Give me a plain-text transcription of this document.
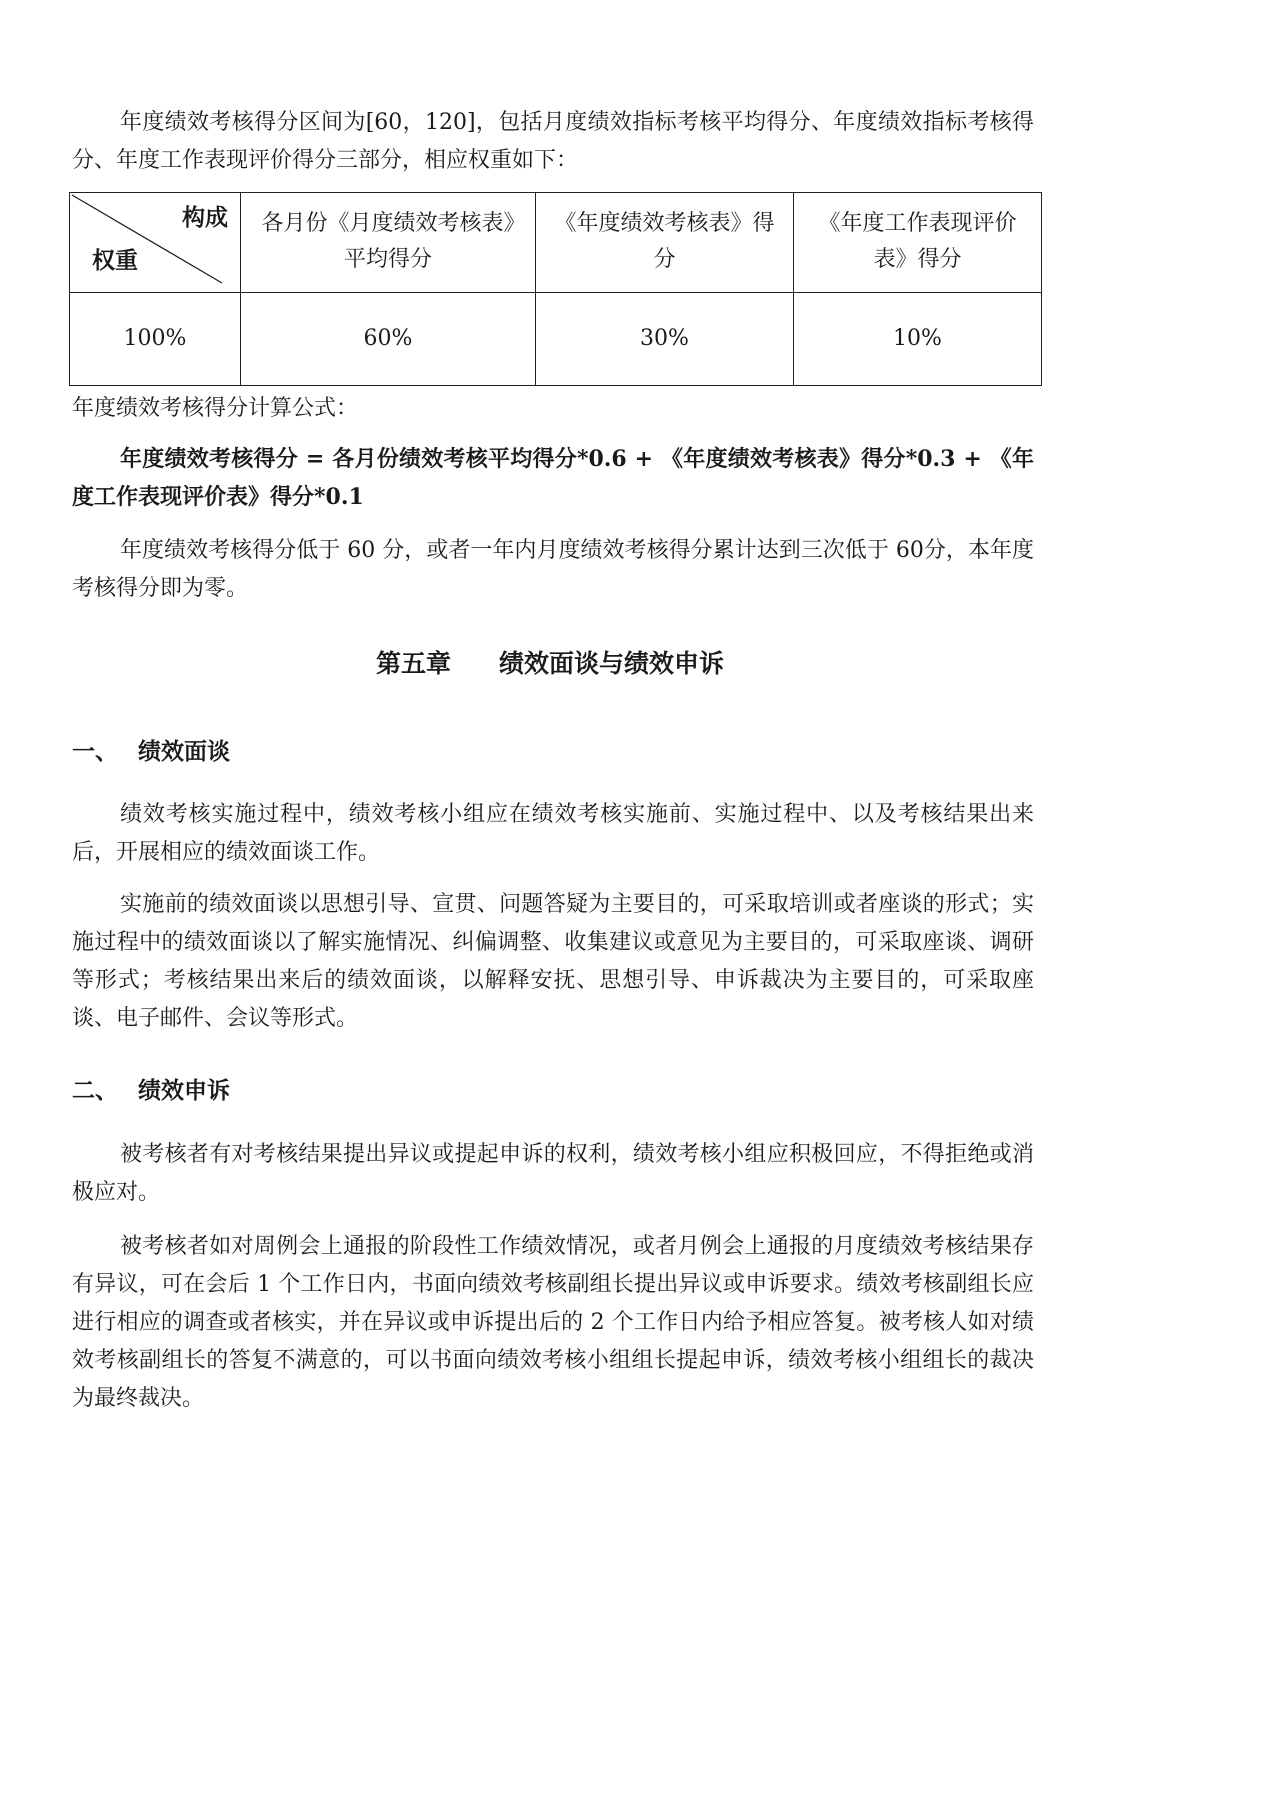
年度绩效考核得分区间为[60，120]，包括月度绩效指标考核平均得分、年度绩效指标考核得分、年度工作表现评价得分三部分，相应权重如下：

构成
权重	各月份《月度绩效考核表》平均得分	《年度绩效考核表》得分	《年度工作表现评价表》得分
100%	60%	30%	10%

年度绩效考核得分计算公式：

年度绩效考核得分 = 各月份绩效考核平均得分*0.6 + 《年度绩效考核表》得分*0.3 + 《年度工作表现评价表》得分*0.1

年度绩效考核得分低于 60 分，或者一年内月度绩效考核得分累计达到三次低于 60分，本年度考核得分即为零。

第五章 绩效面谈与绩效申诉
一、 绩效面谈

绩效考核实施过程中，绩效考核小组应在绩效考核实施前、实施过程中、以及考核结果出来后，开展相应的绩效面谈工作。

实施前的绩效面谈以思想引导、宣贯、问题答疑为主要目的，可采取培训或者座谈的形式；实施过程中的绩效面谈以了解实施情况、纠偏调整、收集建议或意见为主要目的，可采取座谈、调研等形式；考核结果出来后的绩效面谈，以解释安抚、思想引导、申诉裁决为主要目的，可采取座谈、电子邮件、会议等形式。

二、 绩效申诉

被考核者有对考核结果提出异议或提起申诉的权利，绩效考核小组应积极回应，不得拒绝或消极应对。

被考核者如对周例会上通报的阶段性工作绩效情况，或者月例会上通报的月度绩效考核结果存有异议，可在会后 1 个工作日内，书面向绩效考核副组长提出异议或申诉要求。绩效考核副组长应进行相应的调查或者核实，并在异议或申诉提出后的 2 个工作日内给予相应答复。被考核人如对绩效考核副组长的答复不满意的，可以书面向绩效考核小组组长提起申诉，绩效考核小组组长的裁决为最终裁决。
